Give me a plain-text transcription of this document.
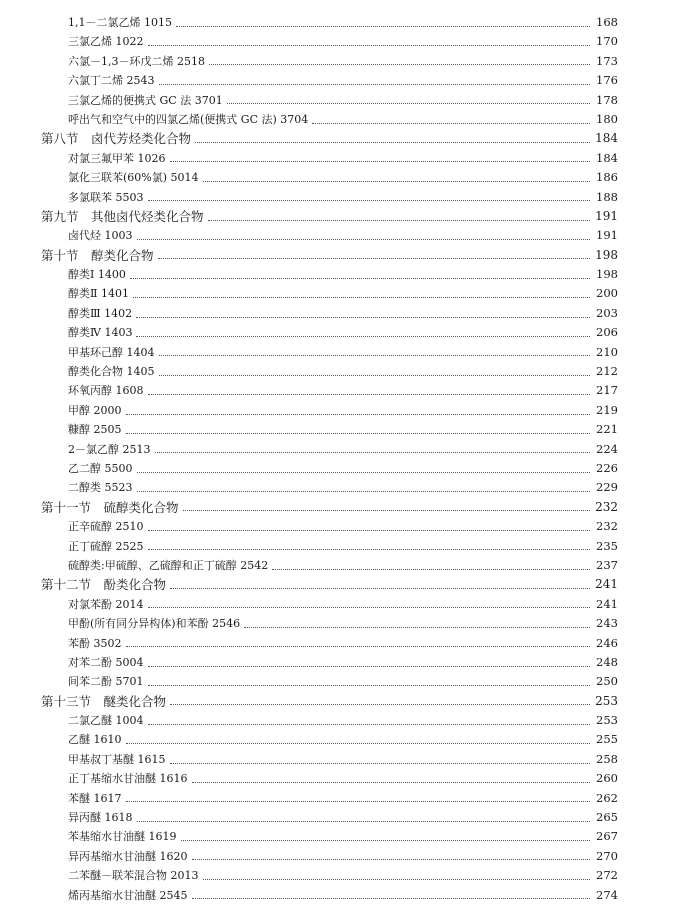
1,1－二氯乙烯 1015	168
三氯乙烯 1022	170
六氯－1,3－环戊二烯 2518	173
六氯丁二烯 2543	176
三氯乙烯的便携式 GC 法 3701	178
呼出气和空气中的四氯乙烯(便携式 GC 法) 3704	180
第八节　卤代芳烃类化合物	184
对氯三氟甲苯 1026	184
氯化三联苯(60%氯) 5014	186
多氯联苯 5503	188
第九节　其他卤代烃类化合物	191
卤代烃 1003	191
第十节　醇类化合物	198
醇类Ⅰ 1400	198
醇类Ⅱ 1401	200
醇类Ⅲ 1402	203
醇类Ⅳ 1403	206
甲基环己醇 1404	210
醇类化合物 1405	212
环氧丙醇 1608	217
甲醇 2000	219
糠醇 2505	221
2－氯乙醇 2513	224
乙二醇 5500	226
二醇类 5523	229
第十一节　硫醇类化合物	232
正辛硫醇 2510	232
正丁硫醇 2525	235
硫醇类:甲硫醇、乙硫醇和正丁硫醇 2542	237
第十二节　酚类化合物	241
对氯苯酚 2014	241
甲酚(所有同分异构体)和苯酚 2546	243
苯酚 3502	246
对苯二酚 5004	248
间苯二酚 5701	250
第十三节　醚类化合物	253
二氯乙醚 1004	253
乙醚 1610	255
甲基叔丁基醚 1615	258
正丁基缩水甘油醚 1616	260
苯醚 1617	262
异丙醚 1618	265
苯基缩水甘油醚 1619	267
异丙基缩水甘油醚 1620	270
二苯醚－联苯混合物 2013	272
烯丙基缩水甘油醚 2545	274
